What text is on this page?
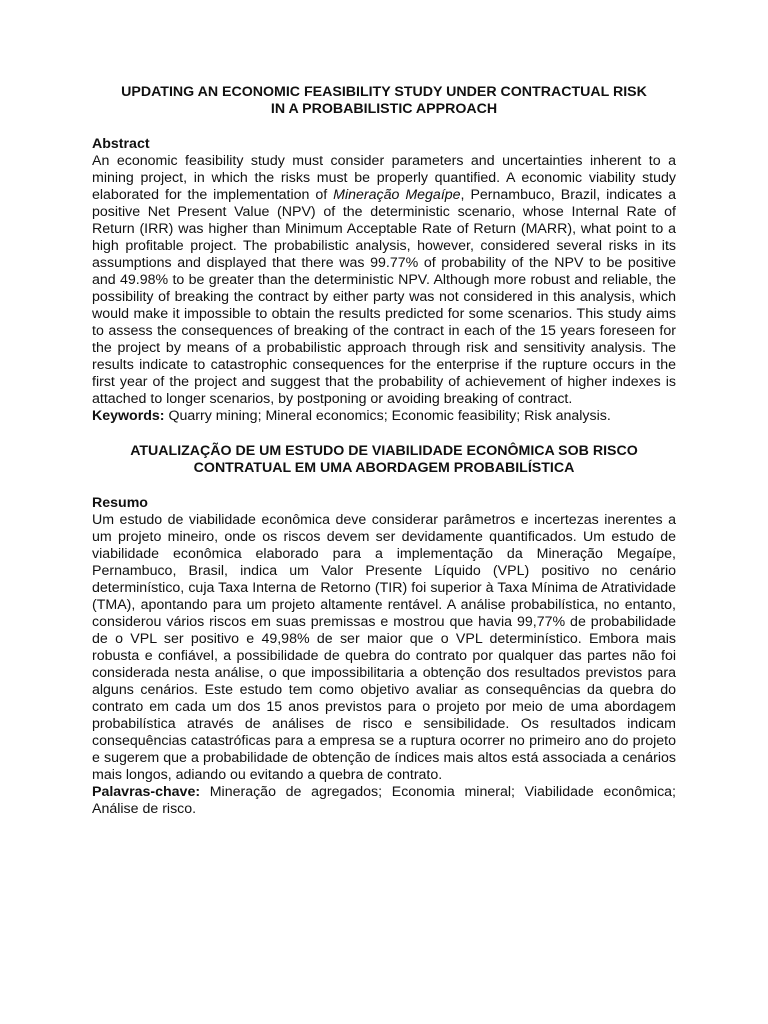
UPDATING AN ECONOMIC FEASIBILITY STUDY UNDER CONTRACTUAL RISK
IN A PROBABILISTIC APPROACH
Abstract

An economic feasibility study must consider parameters and uncertainties inherent to a mining project, in which the risks must be properly quantified. A economic viability study elaborated for the implementation of Mineração Megaípe, Pernambuco, Brazil, indicates a positive Net Present Value (NPV) of the deterministic scenario, whose Internal Rate of Return (IRR) was higher than Minimum Acceptable Rate of Return (MARR), what point to a high profitable project. The probabilistic analysis, however, considered several risks in its assumptions and displayed that there was 99.77% of probability of the NPV to be positive and 49.98% to be greater than the deterministic NPV. Although more robust and reliable, the possibility of breaking the contract by either party was not considered in this analysis, which would make it impossible to obtain the results predicted for some scenarios. This study aims to assess the consequences of breaking of the contract in each of the 15 years foreseen for the project by means of a probabilistic approach through risk and sensitivity analysis. The results indicate to catastrophic consequences for the enterprise if the rupture occurs in the first year of the project and suggest that the probability of achievement of higher indexes is attached to longer scenarios, by postponing or avoiding breaking of contract.

Keywords: Quarry mining; Mineral economics; Economic feasibility; Risk analysis.

ATUALIZAÇÃO DE UM ESTUDO DE VIABILIDADE ECONÔMICA SOB RISCO
CONTRATUAL EM UMA ABORDAGEM PROBABILÍSTICA
Resumo

Um estudo de viabilidade econômica deve considerar parâmetros e incertezas inerentes a um projeto mineiro, onde os riscos devem ser devidamente quantificados. Um estudo de viabilidade econômica elaborado para a implementação da Mineração Megaípe, Pernambuco, Brasil, indica um Valor Presente Líquido (VPL) positivo no cenário determinístico, cuja Taxa Interna de Retorno (TIR) foi superior à Taxa Mínima de Atratividade (TMA), apontando para um projeto altamente rentável. A análise probabilística, no entanto, considerou vários riscos em suas premissas e mostrou que havia 99,77% de probabilidade de o VPL ser positivo e 49,98% de ser maior que o VPL determinístico. Embora mais robusta e confiável, a possibilidade de quebra do contrato por qualquer das partes não foi considerada nesta análise, o que impossibilitaria a obtenção dos resultados previstos para alguns cenários. Este estudo tem como objetivo avaliar as consequências da quebra do contrato em cada um dos 15 anos previstos para o projeto por meio de uma abordagem probabilística através de análises de risco e sensibilidade. Os resultados indicam consequências catastróficas para a empresa se a ruptura ocorrer no primeiro ano do projeto e sugerem que a probabilidade de obtenção de índices mais altos está associada a cenários mais longos, adiando ou evitando a quebra de contrato.

Palavras-chave: Mineração de agregados; Economia mineral; Viabilidade econômica; Análise de risco.
